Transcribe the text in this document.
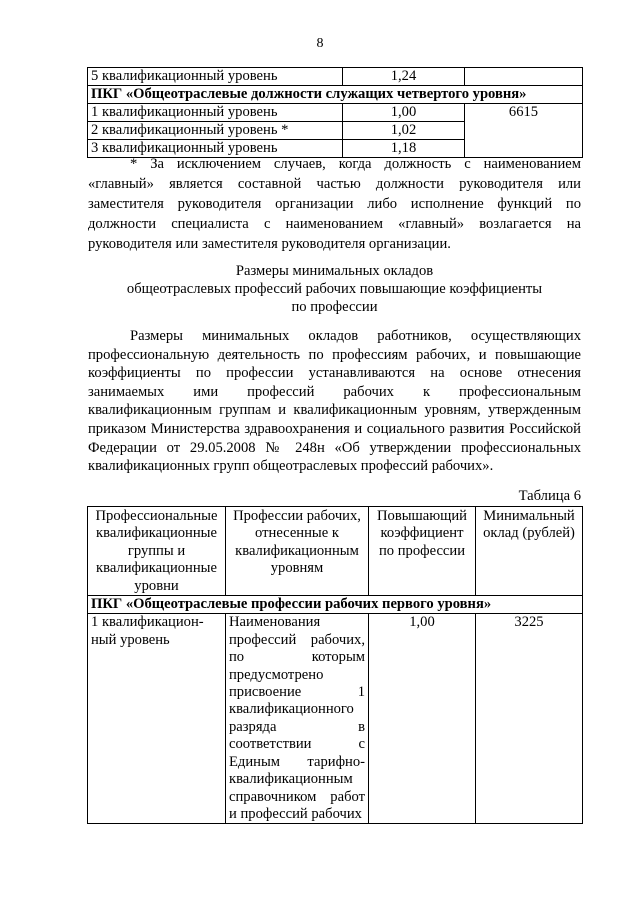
8
5 квалификационный уровень	1,24	
ПКГ «Общеотраслевые должности служащих четвертого уровня»		
1 квалификационный уровень	1,00	6615
2 квалификационный уровень *	1,02	
3 квалификационный уровень	1,18	

* За исключением случаев, когда должность с наименованием «главный» является составной частью должности руководителя или заместителя руководителя организации либо исполнение функций по должности специалиста с наименованием «главный» возлагается на руководителя или заместителя руководителя организации.

Размеры минимальных окладов
общеотраслевых профессий рабочих повышающие коэффициенты
по профессии

Размеры минимальных окладов работников, осуществляющих профессиональную деятельность по профессиям рабочих, и повышающие коэффициенты по профессии устанавливаются на основе отнесения занимаемых ими профессий рабочих к профессиональным квалификационным группам и квалификационным уровням, утвержденным приказом Министерства здравоохранения и социального развития Российской Федерации от 29.05.2008 № 248н «Об утверждении профессиональных квалификационных групп общеотраслевых профессий рабочих».

Таблица 6
Профессиональные квалификационные группы и квалификационные уровни	Профессии рабочих, отнесенные к квалификационным уровням	Повышающий коэффициент по профессии	Минимальный оклад (рублей)
ПКГ «Общеотраслевые профессии рабочих первого уровня»			
1 квалификацион-ный уровень	Наименования профессий рабочих, по которым предусмотрено присвоение 1 квалификационного разряда в соответствии с Единым тарифно-квалификационным справочником работ и профессий рабочих	1,00	3225
